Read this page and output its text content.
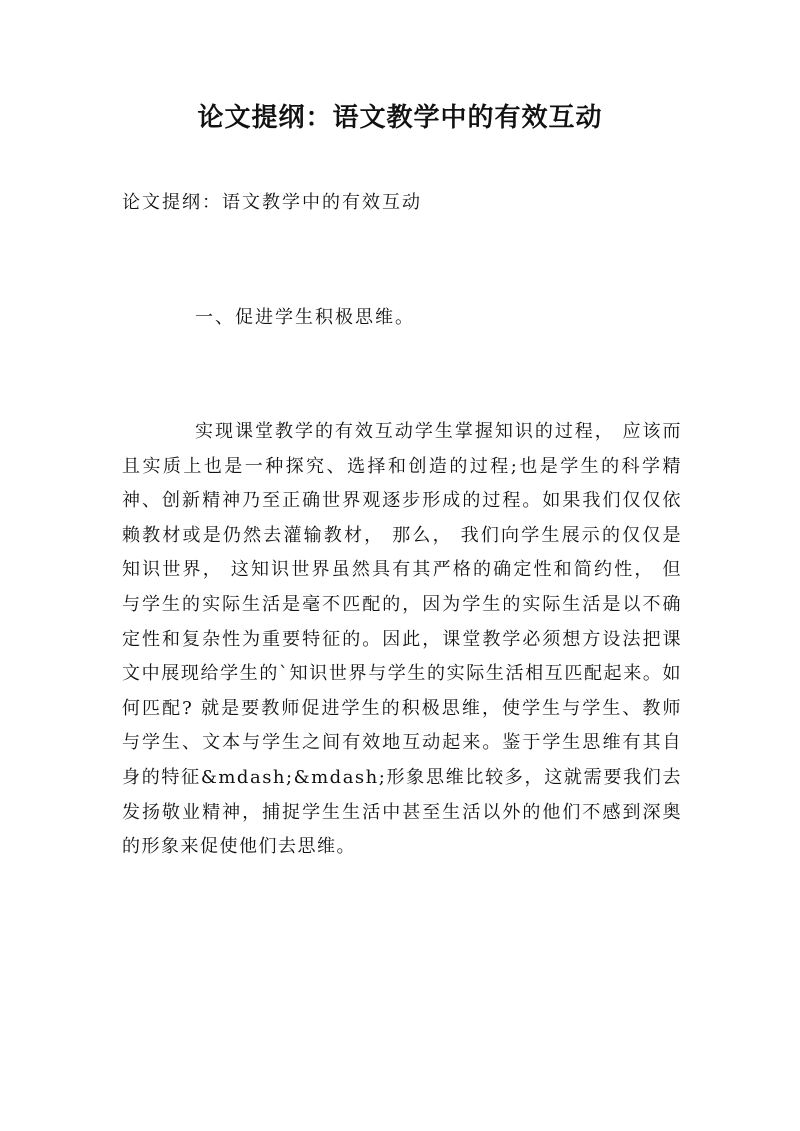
论文提纲：语文教学中的有效互动

论文提纲：语文教学中的有效互动

一、促进学生积极思维。

实现课堂教学的有效互动学生掌握知识的过程， 应该而且实质上也是一种探究、选择和创造的过程;也是学生的科学精神、创新精神乃至正确世界观逐步形成的过程。如果我们仅仅依赖教材或是仍然去灌输教材， 那么， 我们向学生展示的仅仅是知识世界， 这知识世界虽然具有其严格的确定性和简约性， 但与学生的实际生活是毫不匹配的，因为学生的实际生活是以不确定性和复杂性为重要特征的。因此，课堂教学必须想方设法把课文中展现给学生的`知识世界与学生的实际生活相互匹配起来。如何匹配? 就是要教师促进学生的积极思维，使学生与学生、教师与学生、文本与学生之间有效地互动起来。鉴于学生思维有其自身的特征&mdash;&mdash;形象思维比较多，这就需要我们去发扬敬业精神，捕捉学生生活中甚至生活以外的他们不感到深奥的形象来促使他们去思维。
